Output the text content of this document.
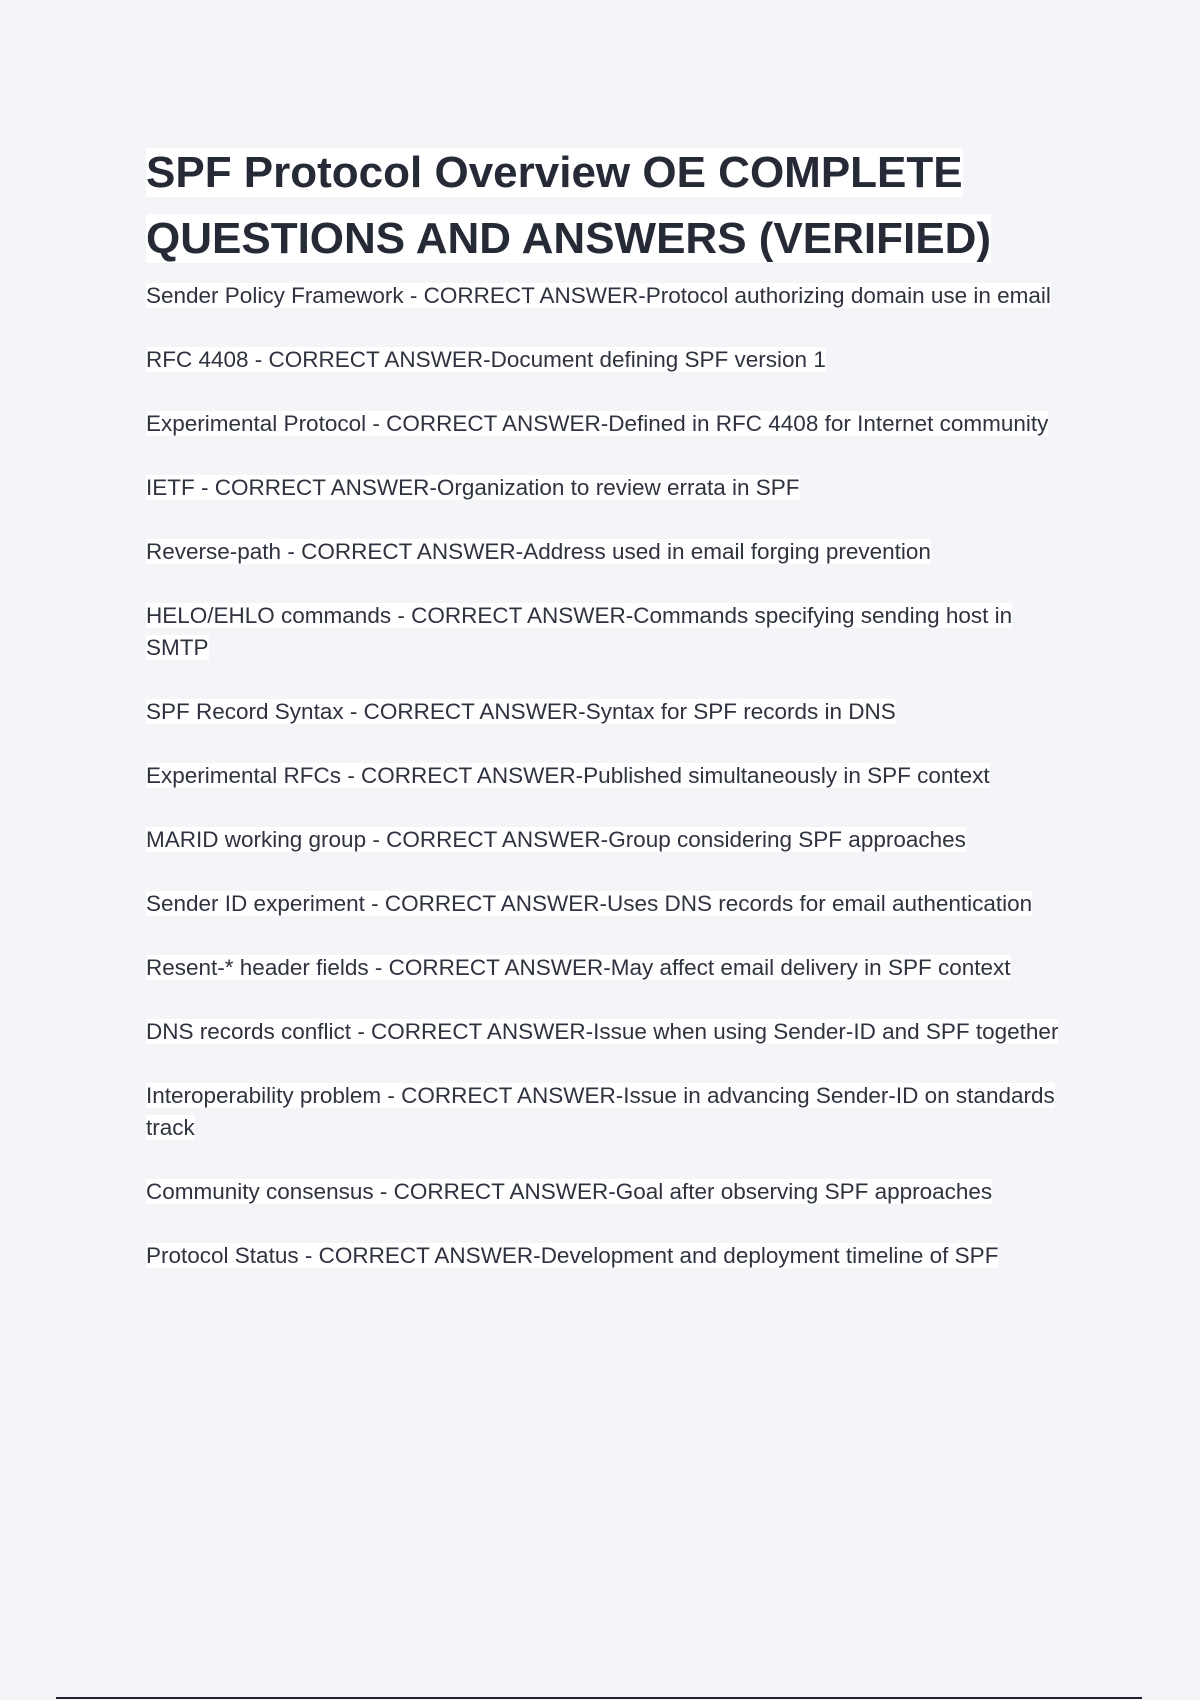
SPF Protocol Overview OE COMPLETE QUESTIONS AND ANSWERS (VERIFIED)
Sender Policy Framework - CORRECT ANSWER-Protocol authorizing domain use in email
RFC 4408 - CORRECT ANSWER-Document defining SPF version 1
Experimental Protocol - CORRECT ANSWER-Defined in RFC 4408 for Internet community
IETF - CORRECT ANSWER-Organization to review errata in SPF
Reverse-path - CORRECT ANSWER-Address used in email forging prevention
HELO/EHLO commands - CORRECT ANSWER-Commands specifying sending host in SMTP
SPF Record Syntax - CORRECT ANSWER-Syntax for SPF records in DNS
Experimental RFCs - CORRECT ANSWER-Published simultaneously in SPF context
MARID working group - CORRECT ANSWER-Group considering SPF approaches
Sender ID experiment - CORRECT ANSWER-Uses DNS records for email authentication
Resent-* header fields - CORRECT ANSWER-May affect email delivery in SPF context
DNS records conflict - CORRECT ANSWER-Issue when using Sender-ID and SPF together
Interoperability problem - CORRECT ANSWER-Issue in advancing Sender-ID on standards track
Community consensus - CORRECT ANSWER-Goal after observing SPF approaches
Protocol Status - CORRECT ANSWER-Development and deployment timeline of SPF
